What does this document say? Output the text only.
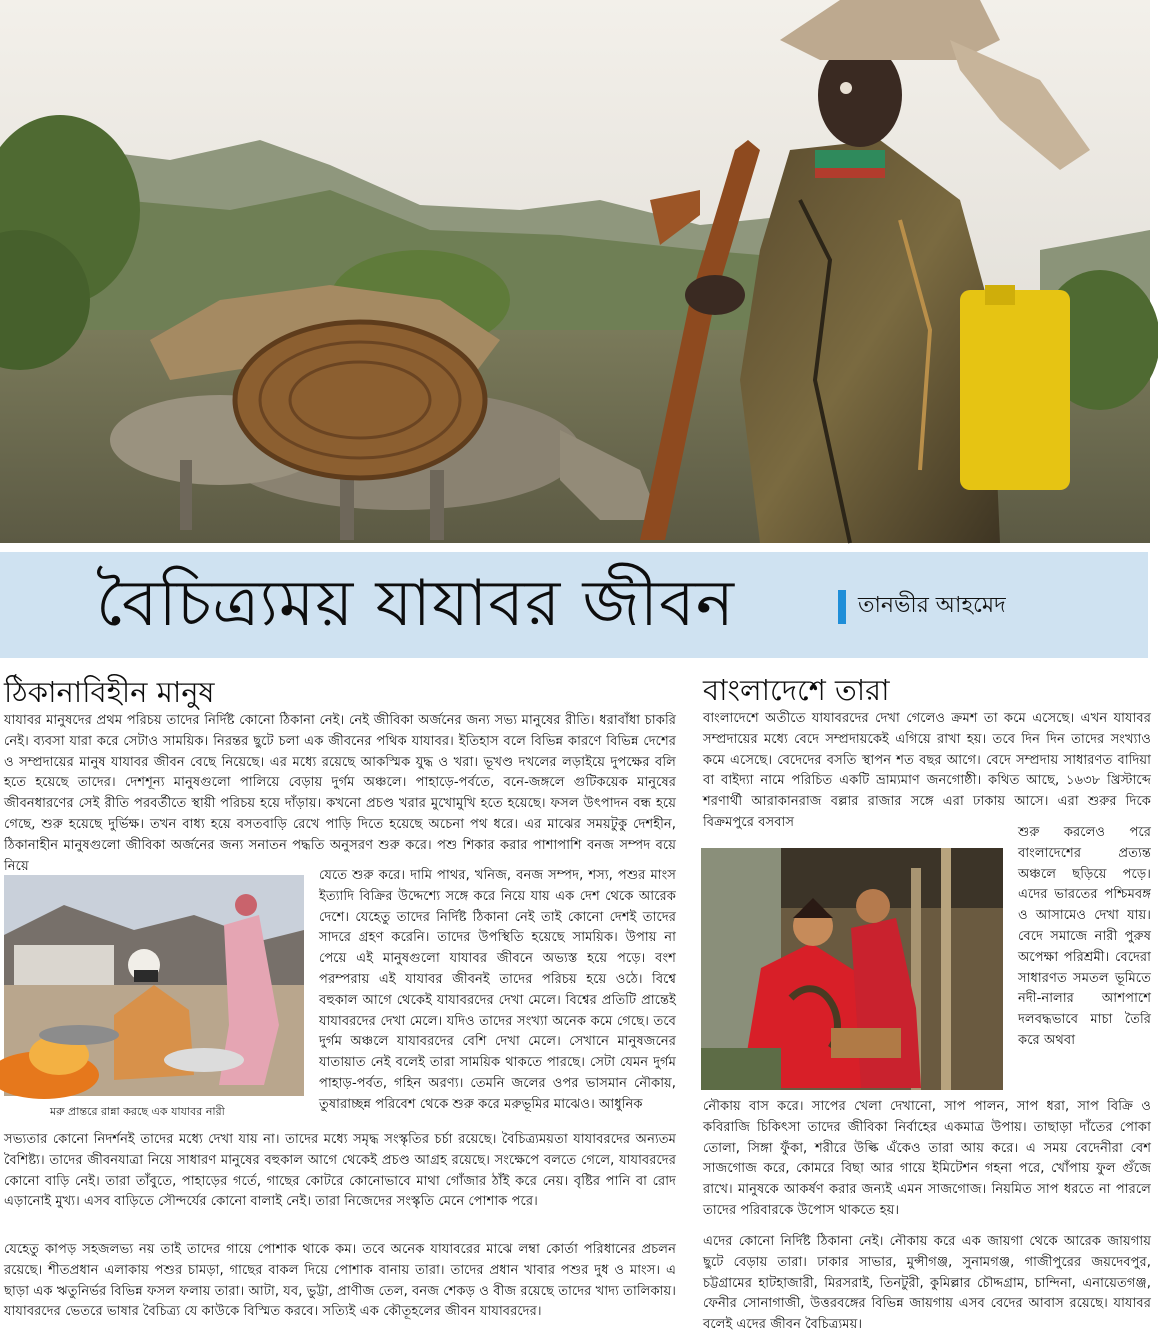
বৈচিত্র্যময় যাযাবর জীবন	তানভীর আহমেদ
ঠিকানাবিহীন মানুষ

যাযাবর মানুষদের প্রথম পরিচয় তাদের নির্দিষ্ট কোনো ঠিকানা নেই। নেই জীবিকা অর্জনের জন্য সভ্য মানুষের রীতি। ধরাবাঁধা চাকরি নেই। ব্যবসা যারা করে সেটাও সাময়িক। নিরন্তর ছুটে চলা এক জীবনের পথিক যাযাবর। ইতিহাস বলে বিভিন্ন কারণে বিভিন্ন দেশের ও সম্প্রদায়ের মানুষ যাযাবর জীবন বেছে নিয়েছে। এর মধ্যে রয়েছে আকস্মিক যুদ্ধ ও খরা। ভূখণ্ড দখলের লড়াইয়ে দুপক্ষের বলি হতে হয়েছে তাদের। দেশশূন্য মানুষগুলো পালিয়ে বেড়ায় দুর্গম অঞ্চলে। পাহাড়ে-পর্বতে, বনে-জঙ্গলে গুটিকয়েক মানুষের জীবনধারণের সেই রীতি পরবর্তীতে স্থায়ী পরিচয় হয়ে দাঁড়ায়। কখনো প্রচণ্ড খরার মুখোমুখি হতে হয়েছে। ফসল উৎপাদন বন্ধ হয়ে গেছে, শুরু হয়েছে দুর্ভিক্ষ। তখন বাধ্য হয়ে বসতবাড়ি রেখে পাড়ি দিতে হয়েছে অচেনা পথ ধরে। এর মাঝের সময়টুকু দেশহীন, ঠিকানাহীন মানুষগুলো জীবিকা অর্জনের জন্য সনাতন পদ্ধতি অনুসরণ শুরু করে। পশু শিকার করার পাশাপাশি বনজ সম্পদ বয়ে নিয়ে

যেতে শুরু করে। দামি পাথর, খনিজ, বনজ সম্পদ, শস্য, পশুর মাংস ইত্যাদি বিক্রির উদ্দেশ্যে সঙ্গে করে নিয়ে যায় এক দেশ থেকে আরেক দেশে। যেহেতু তাদের নির্দিষ্ট ঠিকানা নেই তাই কোনো দেশই তাদের সাদরে গ্রহণ করেনি। তাদের উপস্থিতি হয়েছে সাময়িক। উপায় না পেয়ে এই মানুষগুলো যাযাবর জীবনে অভ্যস্ত হয়ে পড়ে। বংশ পরম্পরায় এই যাযাবর জীবনই তাদের পরিচয় হয়ে ওঠে। বিশ্বে বহুকাল আগে থেকেই যাযাবরদের দেখা মেলে। বিশ্বের প্রতিটি প্রান্তেই যাযাবরদের দেখা মেলে। যদিও তাদের সংখ্যা অনেক কমে গেছে। তবে দুর্গম অঞ্চলে যাযাবরদের বেশি দেখা মেলে। সেখানে মানুষজনের যাতায়াত নেই বলেই তারা সাময়িক থাকতে পারছে। সেটা যেমন দুর্গম পাহাড়-পর্বত, গহিন অরণ্য। তেমনি জলের ওপর ভাসমান নৌকায়, তুষারাচ্ছন্ন পরিবেশ থেকে শুরু করে মরুভূমির মাঝেও। আধুনিক

মরু প্রান্তরে রান্না করছে এক যাযাবর নারী

সভ্যতার কোনো নিদর্শনই তাদের মধ্যে দেখা যায় না। তাদের মধ্যে সমৃদ্ধ সংস্কৃতির চর্চা রয়েছে। বৈচিত্র্যময়তা যাযাবরদের অন্যতম বৈশিষ্ট্য। তাদের জীবনযাত্রা নিয়ে সাধারণ মানুষের বহুকাল আগে থেকেই প্রচণ্ড আগ্রহ রয়েছে। সংক্ষেপে বলতে গেলে, যাযাবরদের কোনো বাড়ি নেই। তারা তাঁবুতে, পাহাড়ের গর্তে, গাছের কোটরে কোনোভাবে মাথা গোঁজার ঠাঁই করে নেয়। বৃষ্টির পানি বা রোদ এড়ানোই মুখ্য। এসব বাড়িতে সৌন্দর্যের কোনো বালাই নেই। তারা নিজেদের সংস্কৃতি মেনে পোশাক পরে।

যেহেতু কাপড় সহজলভ্য নয় তাই তাদের গায়ে পোশাক থাকে কম। তবে অনেক যাযাবরের মাঝে লম্বা কোর্তা পরিধানের প্রচলন রয়েছে। শীতপ্রধান এলাকায় পশুর চামড়া, গাছের বাকল দিয়ে পোশাক বানায় তারা। তাদের প্রধান খাবার পশুর দুধ ও মাংস। এ ছাড়া এক ঋতুনির্ভর বিভিন্ন ফসল ফলায় তারা। আটা, যব, ভুট্টা, প্রাণীজ তেল, বনজ শেকড় ও বীজ রয়েছে তাদের খাদ্য তালিকায়। যাযাবরদের ভেতরে ভাষার বৈচিত্র্য যে কাউকে বিস্মিত করবে। সত্যিই এক কৌতূহলের জীবন যাযাবরদের।

বাংলাদেশে তারা

বাংলাদেশে অতীতে যাযাবরদের দেখা গেলেও ক্রমশ তা কমে এসেছে। এখন যাযাবর সম্প্রদায়ের মধ্যে বেদে সম্প্রদায়কেই এগিয়ে রাখা হয়। তবে দিন দিন তাদের সংখ্যাও কমে এসেছে। বেদেদের বসতি স্থাপন শত বছর আগে। বেদে সম্প্রদায় সাধারণত বাদিয়া বা বাইদ্যা নামে পরিচিত একটি ভ্রাম্যমাণ জনগোষ্ঠী। কথিত আছে, ১৬৩৮ খ্রিস্টাব্দে শরণার্থী আরাকানরাজ বল্লার রাজার সঙ্গে এরা ঢাকায় আসে। এরা শুরুর দিকে বিক্রমপুরে বসবাস

শুরু করলেও পরে বাংলাদেশের প্রত্যন্ত অঞ্চলে ছড়িয়ে পড়ে। এদের ভারতের পশ্চিমবঙ্গ ও আসামেও দেখা যায়। বেদে সমাজে নারী পুরুষ অপেক্ষা পরিশ্রমী। বেদেরা সাধারণত সমতল ভূমিতে নদী-নালার আশপাশে দলবদ্ধভাবে মাচা তৈরি করে অথবা

নৌকায় বাস করে। সাপের খেলা দেখানো, সাপ পালন, সাপ ধরা, সাপ বিক্রি ও কবিরাজি চিকিৎসা তাদের জীবিকা নির্বাহের একমাত্র উপায়। তাছাড়া দাঁতের পোকা তোলা, সিঙ্গা ফুঁকা, শরীরে উল্কি এঁকেও তারা আয় করে। এ সময় বেদেনীরা বেশ সাজগোজ করে, কোমরে বিছা আর গায়ে ইমিটেশন গহনা পরে, খোঁপায় ফুল গুঁজে রাখে। মানুষকে আকর্ষণ করার জন্যই এমন সাজগোজ। নিয়মিত সাপ ধরতে না পারলে তাদের পরিবারকে উপোস থাকতে হয়।

এদের কোনো নির্দিষ্ট ঠিকানা নেই। নৌকায় করে এক জায়গা থেকে আরেক জায়গায় ছুটে বেড়ায় তারা। ঢাকার সাভার, মুন্সীগঞ্জ, সুনামগঞ্জ, গাজীপুরের জয়দেবপুর, চট্টগ্রামের হাটহাজারী, মিরসরাই, তিনটুরী, কুমিল্লার চৌদ্দগ্রাম, চান্দিনা, এনায়েতগঞ্জ, ফেনীর সোনাগাজী, উত্তরবঙ্গের বিভিন্ন জায়গায় এসব বেদের আবাস রয়েছে। যাযাবর বলেই এদের জীবন বৈচিত্র্যময়।
